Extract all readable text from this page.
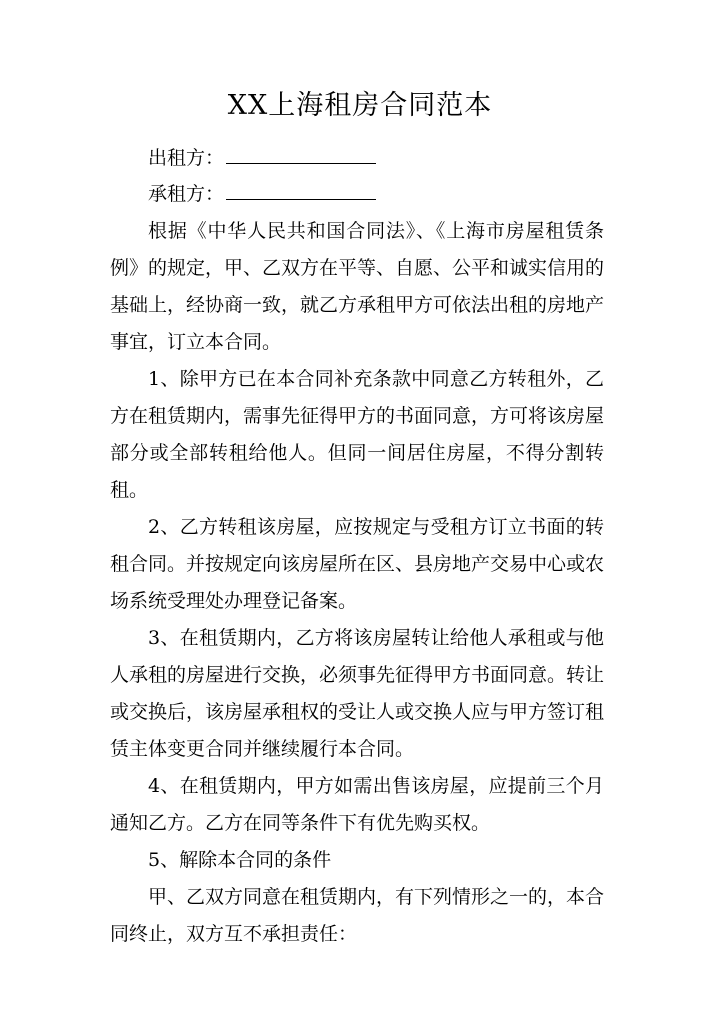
XX上海租房合同范本
出租方：
承租方：

根据《中华人民共和国合同法》、《上海市房屋租赁条例》的规定，甲、乙双方在平等、自愿、公平和诚实信用的基础上，经协商一致，就乙方承租甲方可依法出租的房地产事宜，订立本合同。

1、除甲方已在本合同补充条款中同意乙方转租外，乙方在租赁期内，需事先征得甲方的书面同意，方可将该房屋部分或全部转租给他人。但同一间居住房屋，不得分割转租。

2、乙方转租该房屋，应按规定与受租方订立书面的转租合同。并按规定向该房屋所在区、县房地产交易中心或农场系统受理处办理登记备案。

3、在租赁期内，乙方将该房屋转让给他人承租或与他人承租的房屋进行交换，必须事先征得甲方书面同意。转让或交换后，该房屋承租权的受让人或交换人应与甲方签订租赁主体变更合同并继续履行本合同。

4、在租赁期内，甲方如需出售该房屋，应提前三个月通知乙方。乙方在同等条件下有优先购买权。

5、解除本合同的条件

甲、乙双方同意在租赁期内，有下列情形之一的，本合同终止，双方互不承担责任：
